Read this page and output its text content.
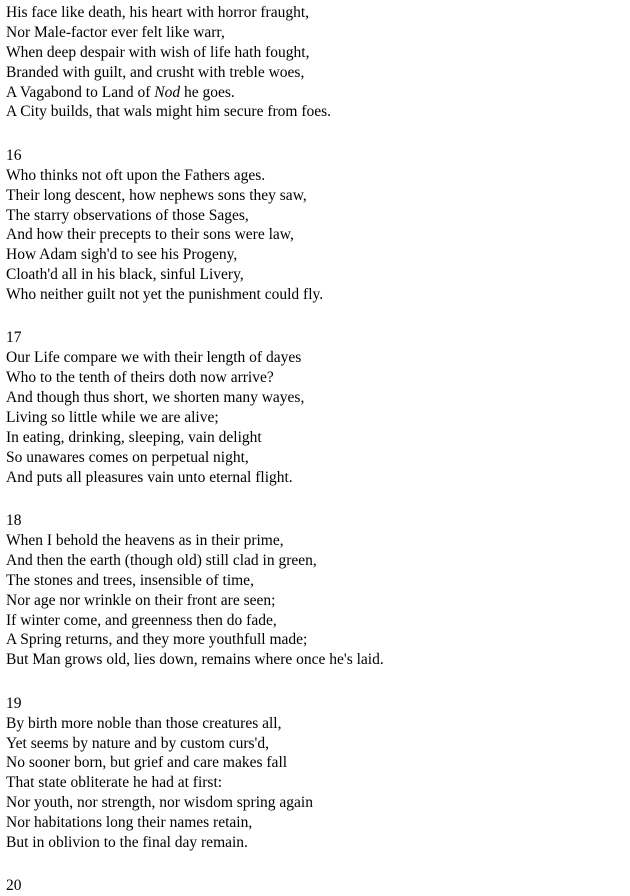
His face like death, his heart with horror fraught,
Nor Male-factor ever felt like warr,
When deep despair with wish of life hath fought,
Branded with guilt, and crusht with treble woes,
A Vagabond to Land of Nod he goes.
A City builds, that wals might him secure from foes.
16
Who thinks not oft upon the Fathers ages.
Their long descent, how nephews sons they saw,
The starry observations of those Sages,
And how their precepts to their sons were law,
How Adam sigh'd to see his Progeny,
Cloath'd all in his black, sinful Livery,
Who neither guilt not yet the punishment could fly.
17
Our Life compare we with their length of dayes
Who to the tenth of theirs doth now arrive?
And though thus short, we shorten many wayes,
Living so little while we are alive;
In eating, drinking, sleeping, vain delight
So unawares comes on perpetual night,
And puts all pleasures vain unto eternal flight.
18
When I behold the heavens as in their prime,
And then the earth (though old) still clad in green,
The stones and trees, insensible of time,
Nor age nor wrinkle on their front are seen;
If winter come, and greenness then do fade,
A Spring returns, and they more youthfull made;
But Man grows old, lies down, remains where once he's laid.
19
By birth more noble than those creatures all,
Yet seems by nature and by custom curs'd,
No sooner born, but grief and care makes fall
That state obliterate he had at first:
Nor youth, nor strength, nor wisdom spring again
Nor habitations long their names retain,
But in oblivion to the final day remain.
20
